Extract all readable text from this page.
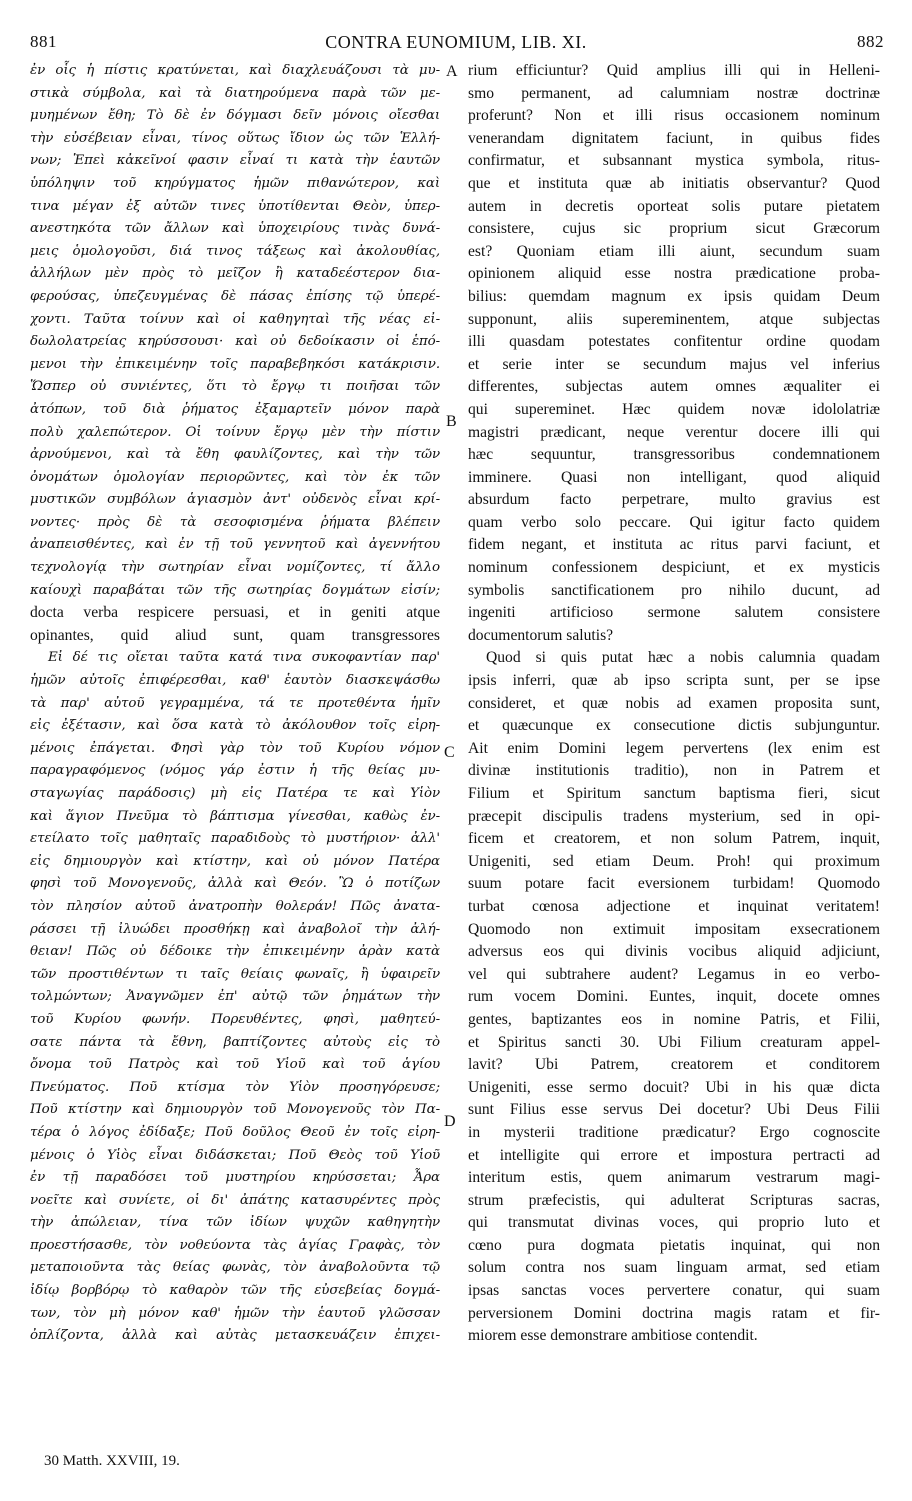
881	CONTRA EUNOMIUM, LIB. XI.	882
ἐν οἷς ἡ πίστις κρατύνεται, καὶ διαχλευάζουσι τὰ μυ-
στικὰ σύμβολα, καὶ τὰ διατηρούμενα παρὰ τῶν με-
μυημένων ἔθη; Τὸ δὲ ἐν δόγμασι δεῖν μόνοις οἴεσθαι
τὴν εὐσέβειαν εἶναι, τίνος οὕτως ἴδιον ὡς τῶν Ἑλλή-
νων; Ἐπεὶ κἀκεῖνοί φασιν εἶναί τι κατὰ τὴν ἑαυτῶν
ὑπόληψιν τοῦ κηρύγματος ἡμῶν πιθανώτερον, καὶ
τινα μέγαν ἐξ αὐτῶν τινες ὑποτίθενται Θεὸν, ὑπερ-
ανεστηκότα τῶν ἄλλων καὶ ὑποχειρίους τινὰς δυνά-
μεις ὁμολογοῦσι, διά τινος τάξεως καὶ ἀκολουθίας,
ἀλλήλων μὲν πρὸς τὸ μεῖζον ἢ καταδεέστερον δια-
φερούσας, ὑπεζευγμένας δὲ πάσας ἐπίσης τῷ ὑπερέ-
χοντι. Ταῦτα τοίνυν καὶ οἱ καθηγηταὶ τῆς νέας εἰ-
δωλολατρείας κηρύσσουσι· καὶ οὐ δεδοίκασιν οἱ ἑπό-
μενοι τὴν ἐπικειμένην τοῖς παραβεβηκόσι κατάκρισιν.
Ὥσπερ οὐ συνιέντες, ὅτι τὸ ἔργῳ τι ποιῆσαι τῶν
ἀτόπων, τοῦ διὰ ῥήματος ἐξαμαρτεῖν μόνον παρὰ
πολὺ χαλεπώτερον. Οἱ τοίνυν ἔργῳ μὲν τὴν πίστιν
ἀρνούμενοι, καὶ τὰ ἔθη φαυλίζοντες, καὶ τὴν τῶν
ὀνομάτων ὁμολογίαν περιορῶντες, καὶ τὸν ἐκ τῶν
μυστικῶν συμβόλων ἁγιασμὸν ἀντ' οὐδενὸς εἶναι κρί-
νοντες· πρὸς δὲ τὰ σεσοφισμένα ῥήματα βλέπειν
ἀναπεισθέντες, καὶ ἐν τῇ τοῦ γεννητοῦ καὶ ἀγεννήτου
τεχνολογίᾳ τὴν σωτηρίαν εἶναι νομίζοντες, τί ἄλλο
καίουχὶ παραβάται τῶν τῆς σωτηρίας δογμάτων εἰσίν;
docta verba respicere persuasi, et in geniti atque
opinantes, quid aliud sunt, quam transgressores
Εἰ δέ τις οἴεται ταῦτα κατά τινα συκοφαντίαν παρ'
ἡμῶν αὐτοῖς ἐπιφέρεσθαι, καθ' ἑαυτὸν διασκεψάσθω
τὰ παρ' αὐτοῦ γεγραμμένα, τά τε προτεθέντα ἡμῖν
εἰς ἐξέτασιν, καὶ ὅσα κατὰ τὸ ἀκόλουθον τοῖς εἰρη-
μένοις ἐπάγεται. Φησὶ γὰρ τὸν τοῦ Κυρίου νόμον
παραγραφόμενος (νόμος γάρ ἐστιν ἡ τῆς θείας μυ-
σταγωγίας παράδοσις) μὴ εἰς Πατέρα τε καὶ Υἱὸν
καὶ ἅγιον Πνεῦμα τὸ βάπτισμα γίνεσθαι, καθὼς ἐν-
ετείλατο τοῖς μαθηταῖς παραδιδοὺς τὸ μυστήριον· ἀλλ'
εἰς δημιουργὸν καὶ κτίστην, καὶ οὐ μόνον Πατέρα
φησὶ τοῦ Μονογενοῦς, ἀλλὰ καὶ Θεόν. Ὢ ὁ ποτίζων
τὸν πλησίον αὐτοῦ ἀνατροπὴν θολεράν! Πῶς ἀνατα-
ράσσει τῇ ἰλυώδει προσθήκῃ καὶ ἀναβολοῖ τὴν ἀλή-
θειαν! Πῶς οὐ δέδοικε τὴν ἐπικειμένην ἀρὰν κατὰ
τῶν προστιθέντων τι ταῖς θείαις φωναῖς, ἢ ὑφαιρεῖν
τολμώντων; Ἀναγνῶμεν ἐπ' αὐτῷ τῶν ῥημάτων τὴν
τοῦ Κυρίου φωνήν. Πορευθέντες, φησὶ, μαθητεύ-
σατε πάντα τὰ ἔθνη, βαπτίζοντες αὐτοὺς εἰς τὸ
ὄνομα τοῦ Πατρὸς καὶ τοῦ Υἱοῦ καὶ τοῦ ἁγίου
Πνεύματος. Ποῦ κτίσμα τὸν Υἱὸν προσηγόρευσε;
Ποῦ κτίστην καὶ δημιουργὸν τοῦ Μονογενοῦς τὸν Πα-
τέρα ὁ λόγος ἐδίδαξε; Ποῦ δοῦλος Θεοῦ ἐν τοῖς εἰρη-
μένοις ὁ Υἱὸς εἶναι διδάσκεται; Ποῦ Θεὸς τοῦ Υἱοῦ
ἐν τῇ παραδόσει τοῦ μυστηρίου κηρύσσεται; Ἆρα
νοεῖτε καὶ συνίετε, οἱ δι' ἀπάτης κατασυρέντες πρὸς
τὴν ἀπώλειαν, τίνα τῶν ἰδίων ψυχῶν καθηγητὴν
προεστήσασθε, τὸν νοθεύοντα τὰς ἁγίας Γραφὰς, τὸν
μεταποιοῦντα τὰς θείας φωνὰς, τὸν ἀναβολοῦντα τῷ
ἰδίῳ βορβόρῳ τὸ καθαρὸν τῶν τῆς εὐσεβείας δογμά-
των, τὸν μὴ μόνον καθ' ἡμῶν τὴν ἑαυτοῦ γλῶσσαν
ὀπλίζοντα, ἀλλὰ καὶ αὐτὰς μετασκευάζειν ἐπιχει-
A
B
C
D
rium efficiuntur? Quid amplius illi qui in Helleni-
smo permanent, ad calumniam nostræ doctrinæ
proferunt? Non et illi risus occasionem nominum
venerandam dignitatem faciunt, in quibus fides
confirmatur, et subsannant mystica symbola, ritus-
que et instituta quæ ab initiatis observantur? Quod
autem in decretis oporteat solis putare pietatem
consistere, cujus sic proprium sicut Græcorum
est? Quoniam etiam illi aiunt, secundum suam
opinionem aliquid esse nostra prædicatione proba-
bilius: quemdam magnum ex ipsis quidam Deum
supponunt, aliis supereminentem, atque subjectas
illi quasdam potestates confitentur ordine quodam
et serie inter se secundum majus vel inferius
differentes, subjectas autem omnes æqualiter ei
qui supereminet. Hæc quidem novæ idololatriæ
magistri prædicant, neque verentur docere illi qui
hæc sequuntur, transgressoribus condemnationem
imminere. Quasi non intelligant, quod aliquid
absurdum facto perpetrare, multo gravius est
quam verbo solo peccare. Qui igitur facto quidem
fidem negant, et instituta ac ritus parvi faciunt, et
nominum confessionem despiciunt, et ex mysticis
symbolis sanctificationem pro nihilo ducunt, ad
ingeniti artificioso sermone salutem consistere
documentorum salutis?
Quod si quis putat hæc a nobis calumnia quadam
ipsis inferri, quæ ab ipso scripta sunt, per se ipse
consideret, et quæ nobis ad examen proposita sunt,
et quæcunque ex consecutione dictis subjunguntur.
Ait enim Domini legem pervertens (lex enim est
divinæ institutionis traditio), non in Patrem et
Filium et Spiritum sanctum baptisma fieri, sicut
præcepit discipulis tradens mysterium, sed in opi-
ficem et creatorem, et non solum Patrem, inquit,
Unigeniti, sed etiam Deum. Proh! qui proximum
suum potare facit eversionem turbidam! Quomodo
turbat cœnosa adjectione et inquinat veritatem!
Quomodo non extimuit impositam exsecrationem
adversus eos qui divinis vocibus aliquid adjiciunt,
vel qui subtrahere audent? Legamus in eo verbo-
rum vocem Domini. Euntes, inquit, docete omnes
gentes, baptizantes eos in nomine Patris, et Filii,
et Spiritus sancti 30. Ubi Filium creaturam appel-
lavit? Ubi Patrem, creatorem et conditorem
Unigeniti, esse sermo docuit? Ubi in his quæ dicta
sunt Filius esse servus Dei docetur? Ubi Deus Filii
in mysterii traditione prædicatur? Ergo cognoscite
et intelligite qui errore et impostura pertracti ad
interitum estis, quem animarum vestrarum magi-
strum præfecistis, qui adulterat Scripturas sacras,
qui transmutat divinas voces, qui proprio luto et
cœno pura dogmata pietatis inquinat, qui non
solum contra nos suam linguam armat, sed etiam
ipsas sanctas voces pervertere conatur, qui suam
perversionem Domini doctrina magis ratam et fir-
miorem esse demonstrare ambitiose contendit.
30 Matth. XXVIII, 19.
